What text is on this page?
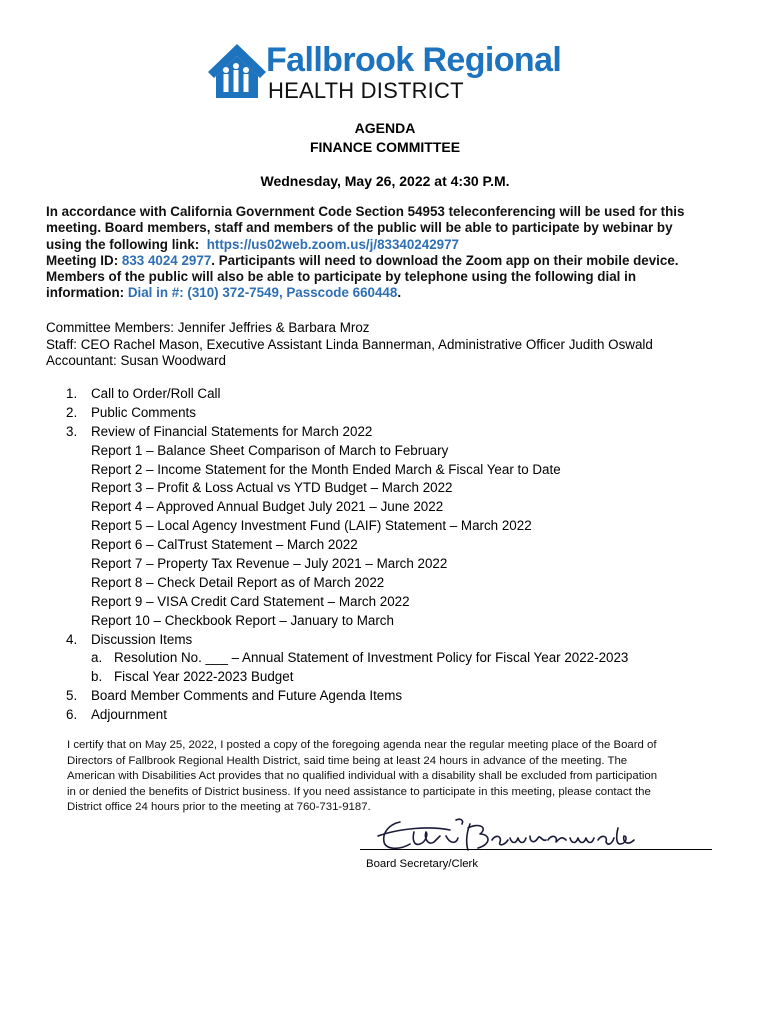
Fallbrook Regional
HEALTH DISTRICT
AGENDA
FINANCE COMMITTEE
Wednesday, May 26, 2022 at 4:30 P.M.
In accordance with California Government Code Section 54953 teleconferencing will be used for this
meeting. Board members, staff and members of the public will be able to participate by webinar by
using the following link: https://us02web.zoom.us/j/83340242977
Meeting ID: 833 4024 2977. Participants will need to download the Zoom app on their mobile device.
Members of the public will also be able to participate by telephone using the following dial in
information: Dial in #: (310) 372-7549, Passcode 660448.
Committee Members: Jennifer Jeffries & Barbara Mroz
Staff: CEO Rachel Mason, Executive Assistant Linda Bannerman, Administrative Officer Judith Oswald
Accountant: Susan Woodward
1. Call to Order/Roll Call
2. Public Comments
3. Review of Financial Statements for March 2022
Report 1 – Balance Sheet Comparison of March to February
Report 2 – Income Statement for the Month Ended March & Fiscal Year to Date
Report 3 – Profit & Loss Actual vs YTD Budget – March 2022
Report 4 – Approved Annual Budget July 2021 – June 2022
Report 5 – Local Agency Investment Fund (LAIF) Statement – March 2022
Report 6 – CalTrust Statement – March 2022
Report 7 – Property Tax Revenue – July 2021 – March 2022
Report 8 – Check Detail Report as of March 2022
Report 9 – VISA Credit Card Statement – March 2022
Report 10 – Checkbook Report – January to March
4. Discussion Items
a. Resolution No. ___ – Annual Statement of Investment Policy for Fiscal Year 2022-2023
b. Fiscal Year 2022-2023 Budget
5. Board Member Comments and Future Agenda Items
6. Adjournment
I certify that on May 25, 2022, I posted a copy of the foregoing agenda near the regular meeting place of the Board of
Directors of Fallbrook Regional Health District, said time being at least 24 hours in advance of the meeting. The
American with Disabilities Act provides that no qualified individual with a disability shall be excluded from participation
in or denied the benefits of District business. If you need assistance to participate in this meeting, please contact the
District office 24 hours prior to the meeting at 760-731-9187.
Board Secretary/Clerk
